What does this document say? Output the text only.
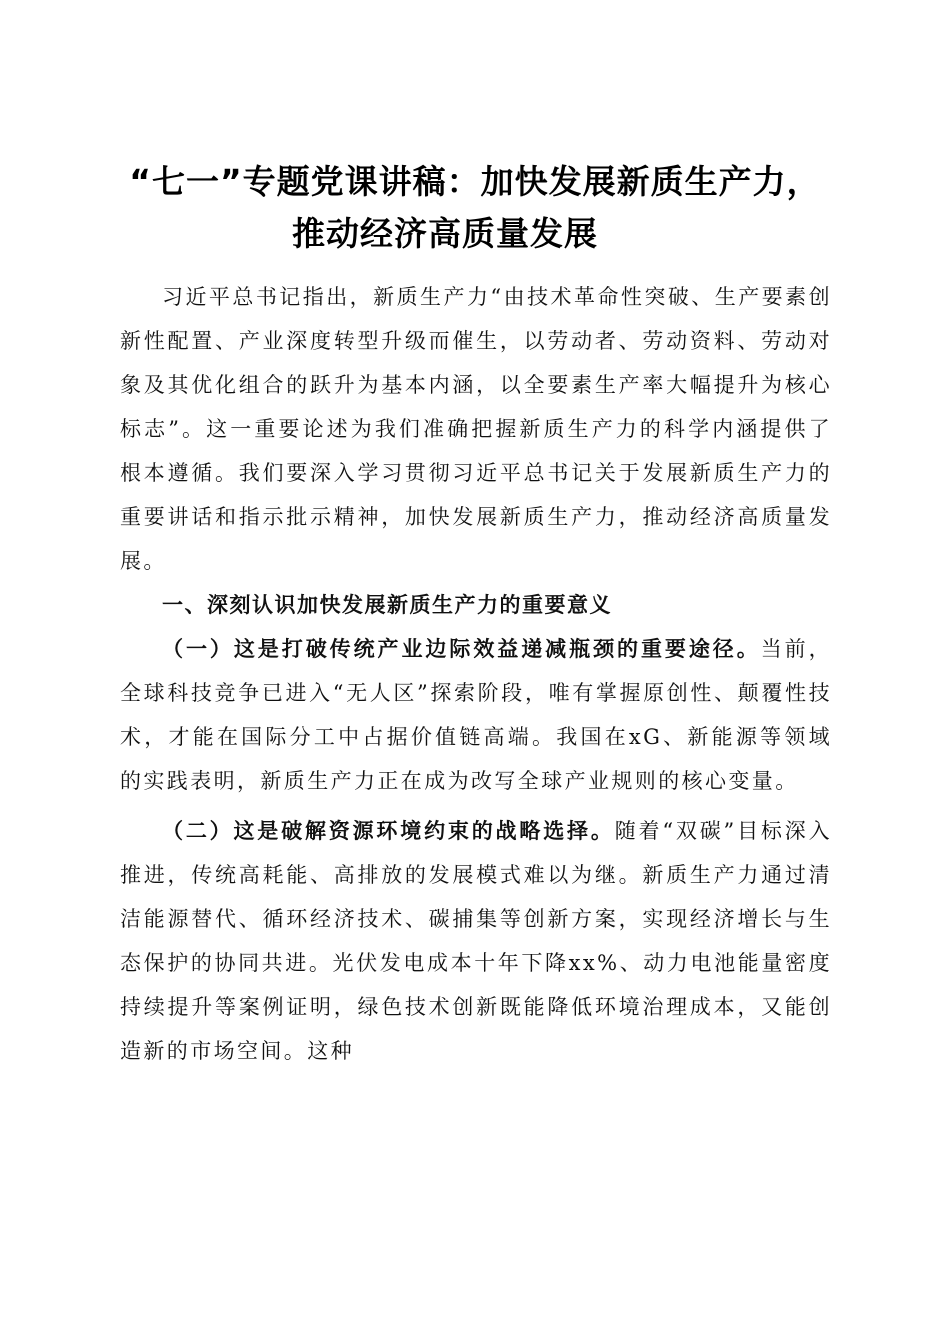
“七一”专题党课讲稿：加快发展新质生产力，
推动经济高质量发展

习近平总书记指出，新质生产力“由技术革命性突破、生产要素创新性配置、产业深度转型升级而催生，以劳动者、劳动资料、劳动对象及其优化组合的跃升为基本内涵，以全要素生产率大幅提升为核心标志”。这一重要论述为我们准确把握新质生产力的科学内涵提供了根本遵循。我们要深入学习贯彻习近平总书记关于发展新质生产力的重要讲话和指示批示精神，加快发展新质生产力，推动经济高质量发展。

一、深刻认识加快发展新质生产力的重要意义

（一）这是打破传统产业边际效益递减瓶颈的重要途径。当前，全球科技竞争已进入“无人区”探索阶段，唯有掌握原创性、颠覆性技术，才能在国际分工中占据价值链高端。我国在xG、新能源等领域的实践表明，新质生产力正在成为改写全球产业规则的核心变量。

（二）这是破解资源环境约束的战略选择。随着“双碳”目标深入推进，传统高耗能、高排放的发展模式难以为继。新质生产力通过清洁能源替代、循环经济技术、碳捕集等创新方案，实现经济增长与生态保护的协同共进。光伏发电成本十年下降xx%、动力电池能量密度持续提升等案例证明，绿色技术创新既能降低环境治理成本，又能创造新的市场空间。这种
